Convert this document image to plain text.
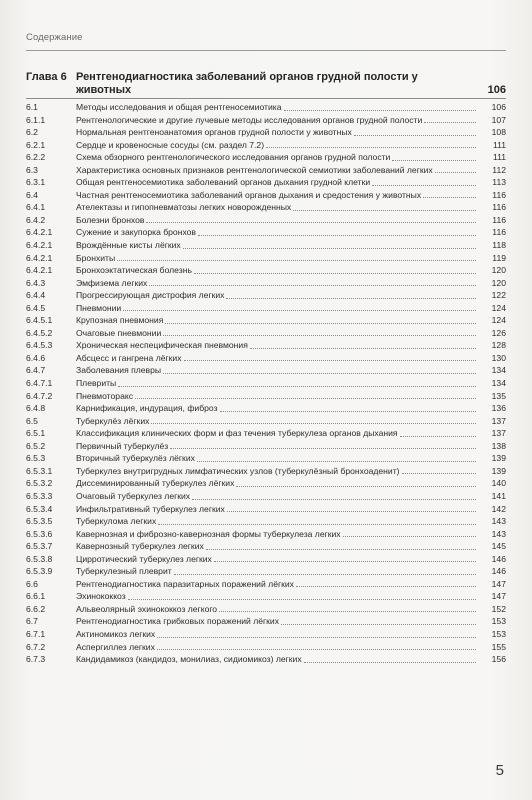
Содержание
Глава 6 Рентгенодиагностика заболеваний органов грудной полости у животных	106
6.1	Методы исследования и общая рентгеносемиотика	106
6.1.1	Рентгенологические и другие лучевые методы исследования органов грудной полости	107
6.2	Нормальная рентгеноанатомия органов грудной полости у животных	108
6.2.1	Сердце и кровеносные сосуды (см. раздел 7.2)	111
6.2.2	Схема обзорного рентгенологического исследования органов грудной полости	111
6.3	Характеристика основных признаков рентгенологической семиотики заболеваний легких	112
6.3.1	Общая рентгеносемиотика заболеваний органов дыхания грудной клетки	113
6.4	Частная рентгеносемиотика заболеваний органов дыхания и средостения у животных	116
6.4.1	Ателектазы и гипопневматозы легких новорожденных	116
6.4.2	Болезни бронхов	116
6.4.2.1	Сужение и закупорка бронхов	116
6.4.2.1	Врождённые кисты лёгких	118
6.4.2.1	Бронхиты	119
6.4.2.1	Бронхоэктатическая болезнь	120
6.4.3	Эмфизема легких	120
6.4.4	Прогрессирующая дистрофия легких	122
6.4.5	Пневмонии	124
6.4.5.1	Крупозная пневмония	124
6.4.5.2	Очаговые пневмонии	126
6.4.5.3	Хроническая неспецифическая пневмония	128
6.4.6	Абсцесс и гангрена лёгких	130
6.4.7	Заболевания плевры	134
6.4.7.1	Плевриты	134
6.4.7.2	Пневмоторакс	135
6.4.8	Карнификация, индурация, фиброз	136
6.5	Туберкулёз лёгких	137
6.5.1	Классификация клинических форм и фаз течения туберкулеза органов дыхания	137
6.5.2	Первичный туберкулёз	138
6.5.3	Вторичный туберкулёз лёгких	139
6.5.3.1	Туберкулез внутригрудных лимфатических узлов (туберкулёзный бронхоаденит)	139
6.5.3.2	Диссеминированный туберкулез лёгких	140
6.5.3.3	Очаговый туберкулез легких	141
6.5.3.4	Инфильтративный туберкулез легких	142
6.5.3.5	Туберкулома легких	143
6.5.3.6	Кавернозная и фиброзно-кавернозная формы туберкулеза легких	143
6.5.3.7	Кавернозный туберкулез легких	145
6.5.3.8	Цирротический туберкулез легких	146
6.5.3.9	Туберкулезный плеврит	146
6.6	Рентгенодиагностика паразитарных поражений лёгких	147
6.6.1	Эхинококкоз	147
6.6.2	Альвеолярный эхинококкоз легкого	152
6.7	Рентгенодиагностика грибковых поражений лёгких	153
6.7.1	Актиномикоз легких	153
6.7.2	Аспергиллез легких	155
6.7.3	Кандидамикоз (кандидоз, монилиаз, сидиомикоз) легких	156
5
